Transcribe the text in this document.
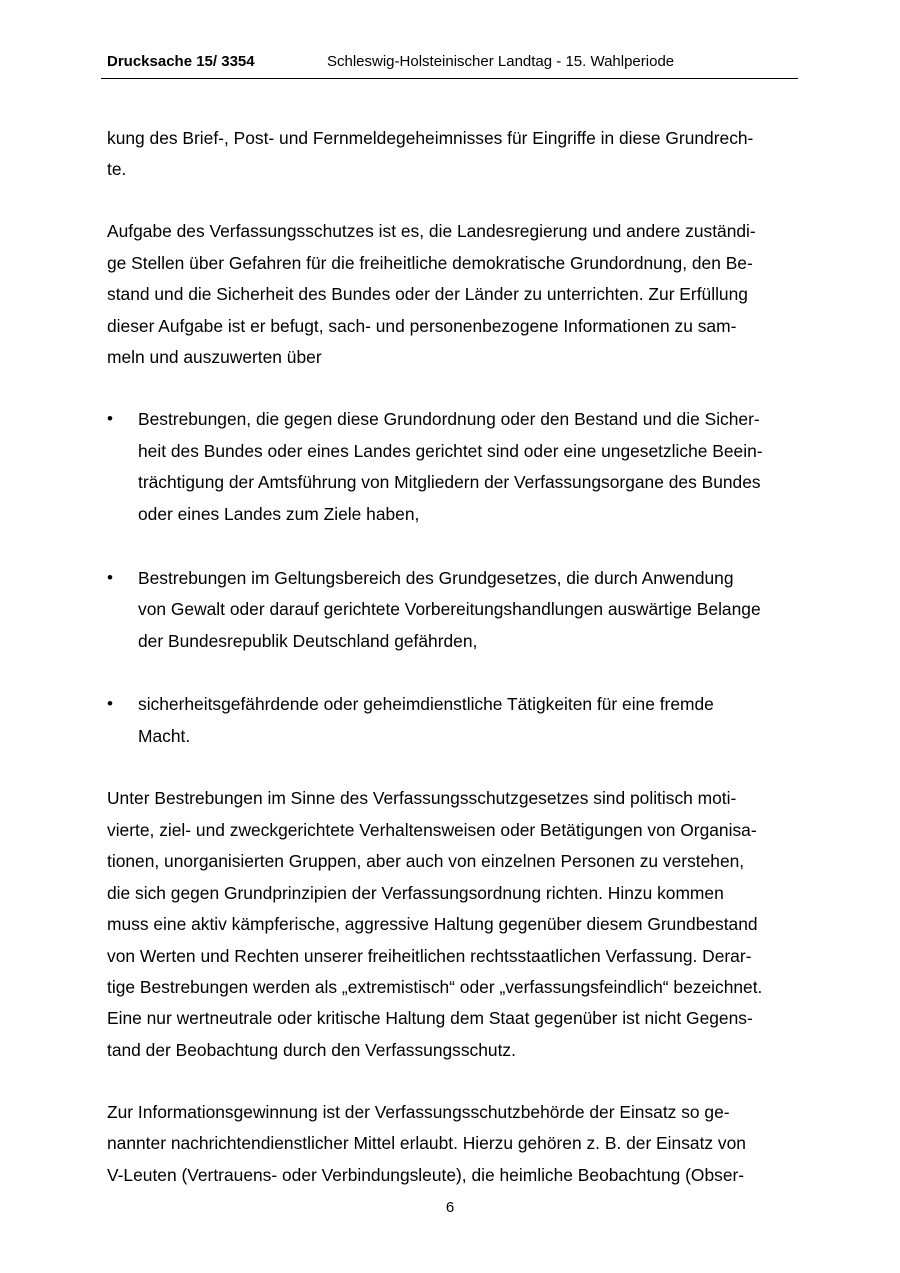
Drucksache 15/ 3354	Schleswig-Holsteinischer Landtag - 15. Wahlperiode
kung des Brief-, Post- und Fernmeldegeheimnisses für Eingriffe in diese Grundrech-
te.
Aufgabe des Verfassungsschutzes ist es, die Landesregierung und andere zuständi-
ge Stellen über Gefahren für die freiheitliche demokratische Grundordnung, den Be-
stand und die Sicherheit des Bundes oder der Länder zu unterrichten. Zur Erfüllung
dieser Aufgabe ist er befugt, sach- und personenbezogene Informationen zu sam-
meln und auszuwerten über
• Bestrebungen, die gegen diese Grundordnung oder den Bestand und die Sicher-
heit des Bundes oder eines Landes gerichtet sind oder eine ungesetzliche Beein-
trächtigung der Amtsführung von Mitgliedern der Verfassungsorgane des Bundes
oder eines Landes zum Ziele haben,
• Bestrebungen im Geltungsbereich des Grundgesetzes, die durch Anwendung
von Gewalt oder darauf gerichtete Vorbereitungshandlungen auswärtige Belange
der Bundesrepublik Deutschland gefährden,
• sicherheitsgefährdende oder geheimdienstliche Tätigkeiten für eine fremde
Macht.
Unter Bestrebungen im Sinne des Verfassungsschutzgesetzes sind politisch moti-
vierte, ziel- und zweckgerichtete Verhaltensweisen oder Betätigungen von Organisa-
tionen, unorganisierten Gruppen, aber auch von einzelnen Personen zu verstehen,
die sich gegen Grundprinzipien der Verfassungsordnung richten. Hinzu kommen
muss eine aktiv kämpferische, aggressive Haltung gegenüber diesem Grundbestand
von Werten und Rechten unserer freiheitlichen rechtsstaatlichen Verfassung. Derar-
tige Bestrebungen werden als „extremistisch“ oder „verfassungsfeindlich“ bezeichnet.
Eine nur wertneutrale oder kritische Haltung dem Staat gegenüber ist nicht Gegens-
tand der Beobachtung durch den Verfassungsschutz.
Zur Informationsgewinnung ist der Verfassungsschutzbehörde der Einsatz so ge-
nannter nachrichtendienstlicher Mittel erlaubt. Hierzu gehören z. B. der Einsatz von
V-Leuten (Vertrauens- oder Verbindungsleute), die heimliche Beobachtung (Obser-
6
